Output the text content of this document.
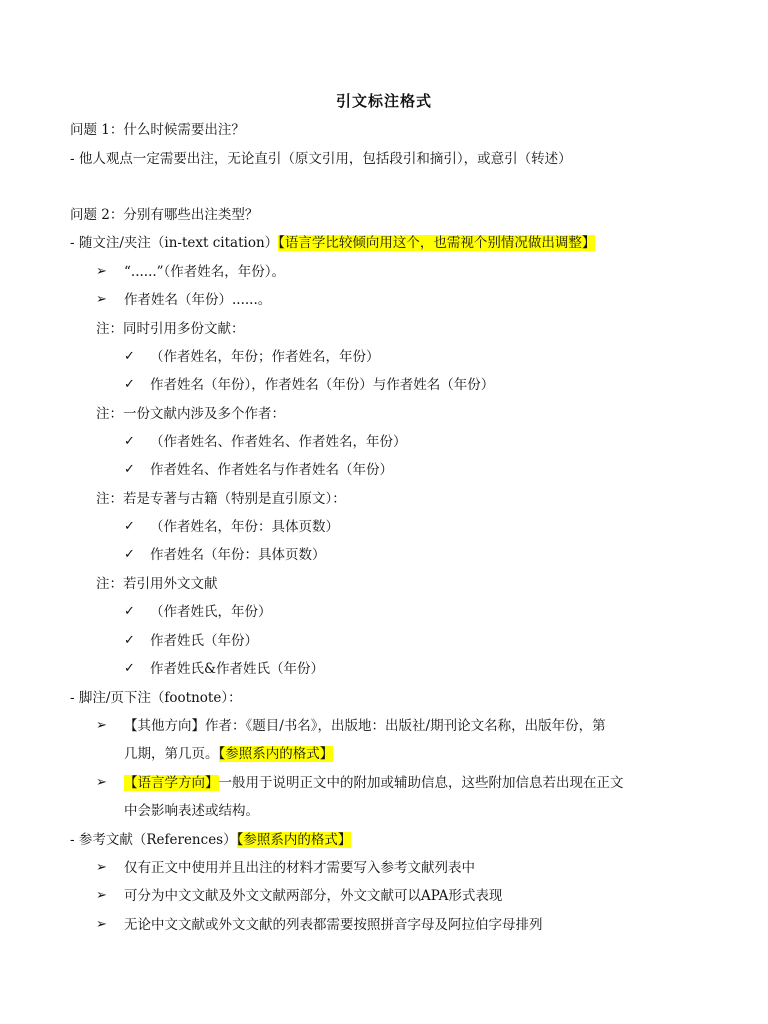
引文标注格式
问题 1：什么时候需要出注？
- 他人观点一定需要出注，无论直引（原文引用，包括段引和摘引），或意引（转述）
问题 2：分别有哪些出注类型？
- 随文注/夹注（in-text citation）【语言学比较倾向用这个，也需视个别情况做出调整】
➢ “......”（作者姓名，年份）。
➢ 作者姓名（年份）......。
注：同时引用多份文献：
✓ （作者姓名，年份；作者姓名，年份）
✓ 作者姓名（年份），作者姓名（年份）与作者姓名（年份）
注：一份文献内涉及多个作者：
✓ （作者姓名、作者姓名、作者姓名，年份）
✓ 作者姓名、作者姓名与作者姓名（年份）
注：若是专著与古籍（特别是直引原文）：
✓ （作者姓名，年份：具体页数）
✓ 作者姓名（年份：具体页数）
注：若引用外文文献
✓ （作者姓氏，年份）
✓ 作者姓氏（年份）
✓ 作者姓氏&作者姓氏（年份）
- 脚注/页下注（footnote）：
➢ 【其他方向】作者：《题目/书名》，出版地：出版社/期刊论文名称，出版年份，第
几期，第几页。【参照系内的格式】
➢ 【语言学方向】一般用于说明正文中的附加或辅助信息，这些附加信息若出现在正文
中会影响表述或结构。
- 参考文献（References）【参照系内的格式】
➢ 仅有正文中使用并且出注的材料才需要写入参考文献列表中
➢ 可分为中文文献及外文文献两部分，外文文献可以APA形式表现
➢ 无论中文文献或外文文献的列表都需要按照拼音字母及阿拉伯字母排列
